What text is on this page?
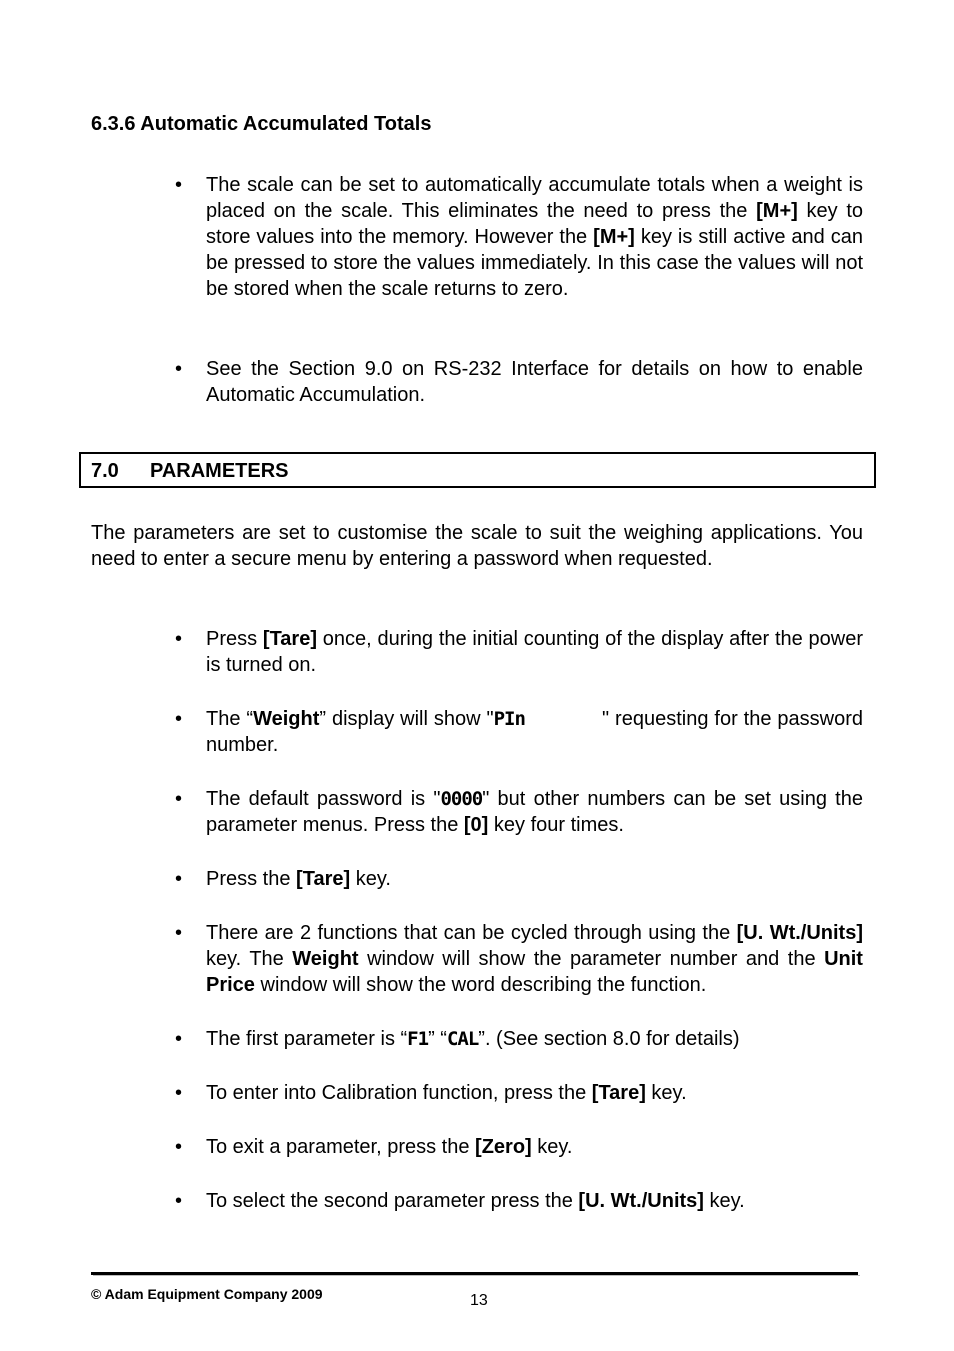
6.3.6 Automatic Accumulated Totals
• The scale can be set to automatically accumulate totals when a weight is placed on the scale. This eliminates the need to press the [M+] key to store values into the memory. However the [M+] key is still active and can be pressed to store the values immediately. In this case the values will not be stored when the scale returns to zero.
• See the Section 9.0 on RS-232 Interface for details on how to enable Automatic Accumulation.
7.0 PARAMETERS

The parameters are set to customise the scale to suit the weighing applications. You need to enter a secure menu by entering a password when requested.

• Press [Tare] once, during the initial counting of the display after the power is turned on.
• The “Weight” display will show "PIn             " requesting for the password number.
• The default password is "0000" but other numbers can be set using the parameter menus. Press the [0] key four times.
• Press the [Tare] key.
• There are 2 functions that can be cycled through using the [U. Wt./Units] key. The Weight window will show the parameter number and the Unit Price window will show the word describing the function.
• The first parameter is “F1” “CAL”. (See section 8.0 for details)
• To enter into Calibration function, press the [Tare] key.
• To exit a parameter, press the [Zero] key.
• To select the second parameter press the [U. Wt./Units] key.
© Adam Equipment Company 2009	13
